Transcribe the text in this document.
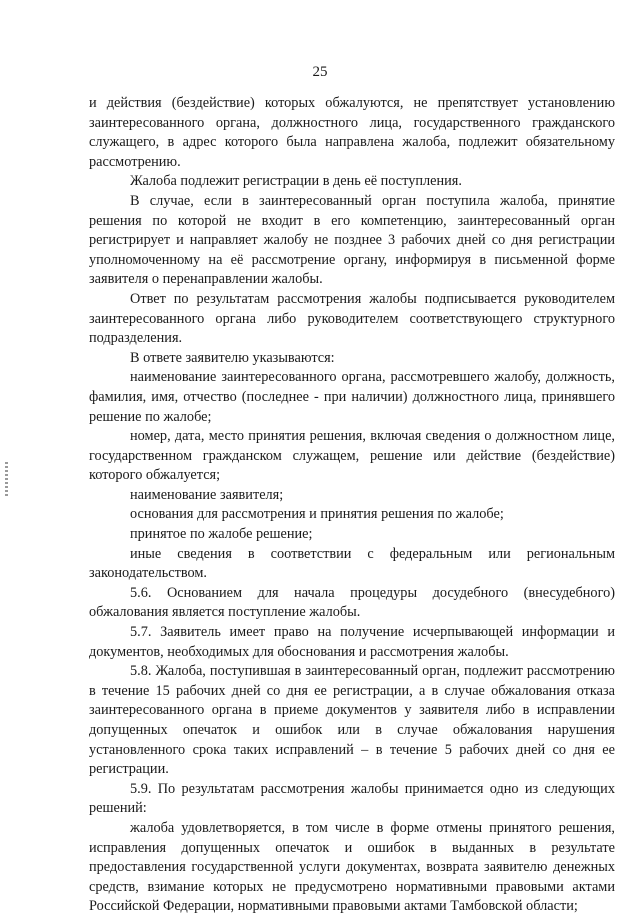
25

и действия (бездействие) которых обжалуются, не препятствует установлению заинтересованного органа, должностного лица, государственного гражданского служащего, в адрес которого была направлена жалоба, подлежит обязательному рассмотрению.

Жалоба подлежит регистрации в день её поступления.

В случае, если в заинтересованный орган поступила жалоба, принятие решения по которой не входит в его компетенцию, заинтересованный орган регистрирует и направляет жалобу не позднее 3 рабочих дней со дня регистрации уполномоченному на её рассмотрение органу, информируя в письменной форме заявителя о перенаправлении жалобы.

Ответ по результатам рассмотрения жалобы подписывается руководителем заинтересованного органа либо руководителем соответствующего структурного подразделения.

В ответе заявителю указываются:

наименование заинтересованного органа, рассмотревшего жалобу, должность, фамилия, имя, отчество (последнее - при наличии) должностного лица, принявшего решение по жалобе;

номер, дата, место принятия решения, включая сведения о должностном лице, государственном гражданском служащем, решение или действие (бездействие) которого обжалуется;

наименование заявителя;

основания для рассмотрения и принятия решения по жалобе;

принятое по жалобе решение;

иные сведения в соответствии с федеральным или региональным законодательством.

5.6. Основанием для начала процедуры досудебного (внесудебного) обжалования является поступление жалобы.

5.7. Заявитель имеет право на получение исчерпывающей информации и документов, необходимых для обоснования и рассмотрения жалобы.

5.8. Жалоба, поступившая в заинтересованный орган, подлежит рассмотрению в течение 15 рабочих дней со дня ее регистрации, а в случае обжалования отказа заинтересованного органа в приеме документов у заявителя либо в исправлении допущенных опечаток и ошибок или в случае обжалования нарушения установленного срока таких исправлений – в течение 5 рабочих дней со дня ее регистрации.

5.9. По результатам рассмотрения жалобы принимается одно из следующих решений:

жалоба удовлетворяется, в том числе в форме отмены принятого решения, исправления допущенных опечаток и ошибок в выданных в результате предоставления государственной услуги документах, возврата заявителю денежных средств, взимание которых не предусмотрено нормативными правовыми актами Российской Федерации, нормативными правовыми актами Тамбовской области;
